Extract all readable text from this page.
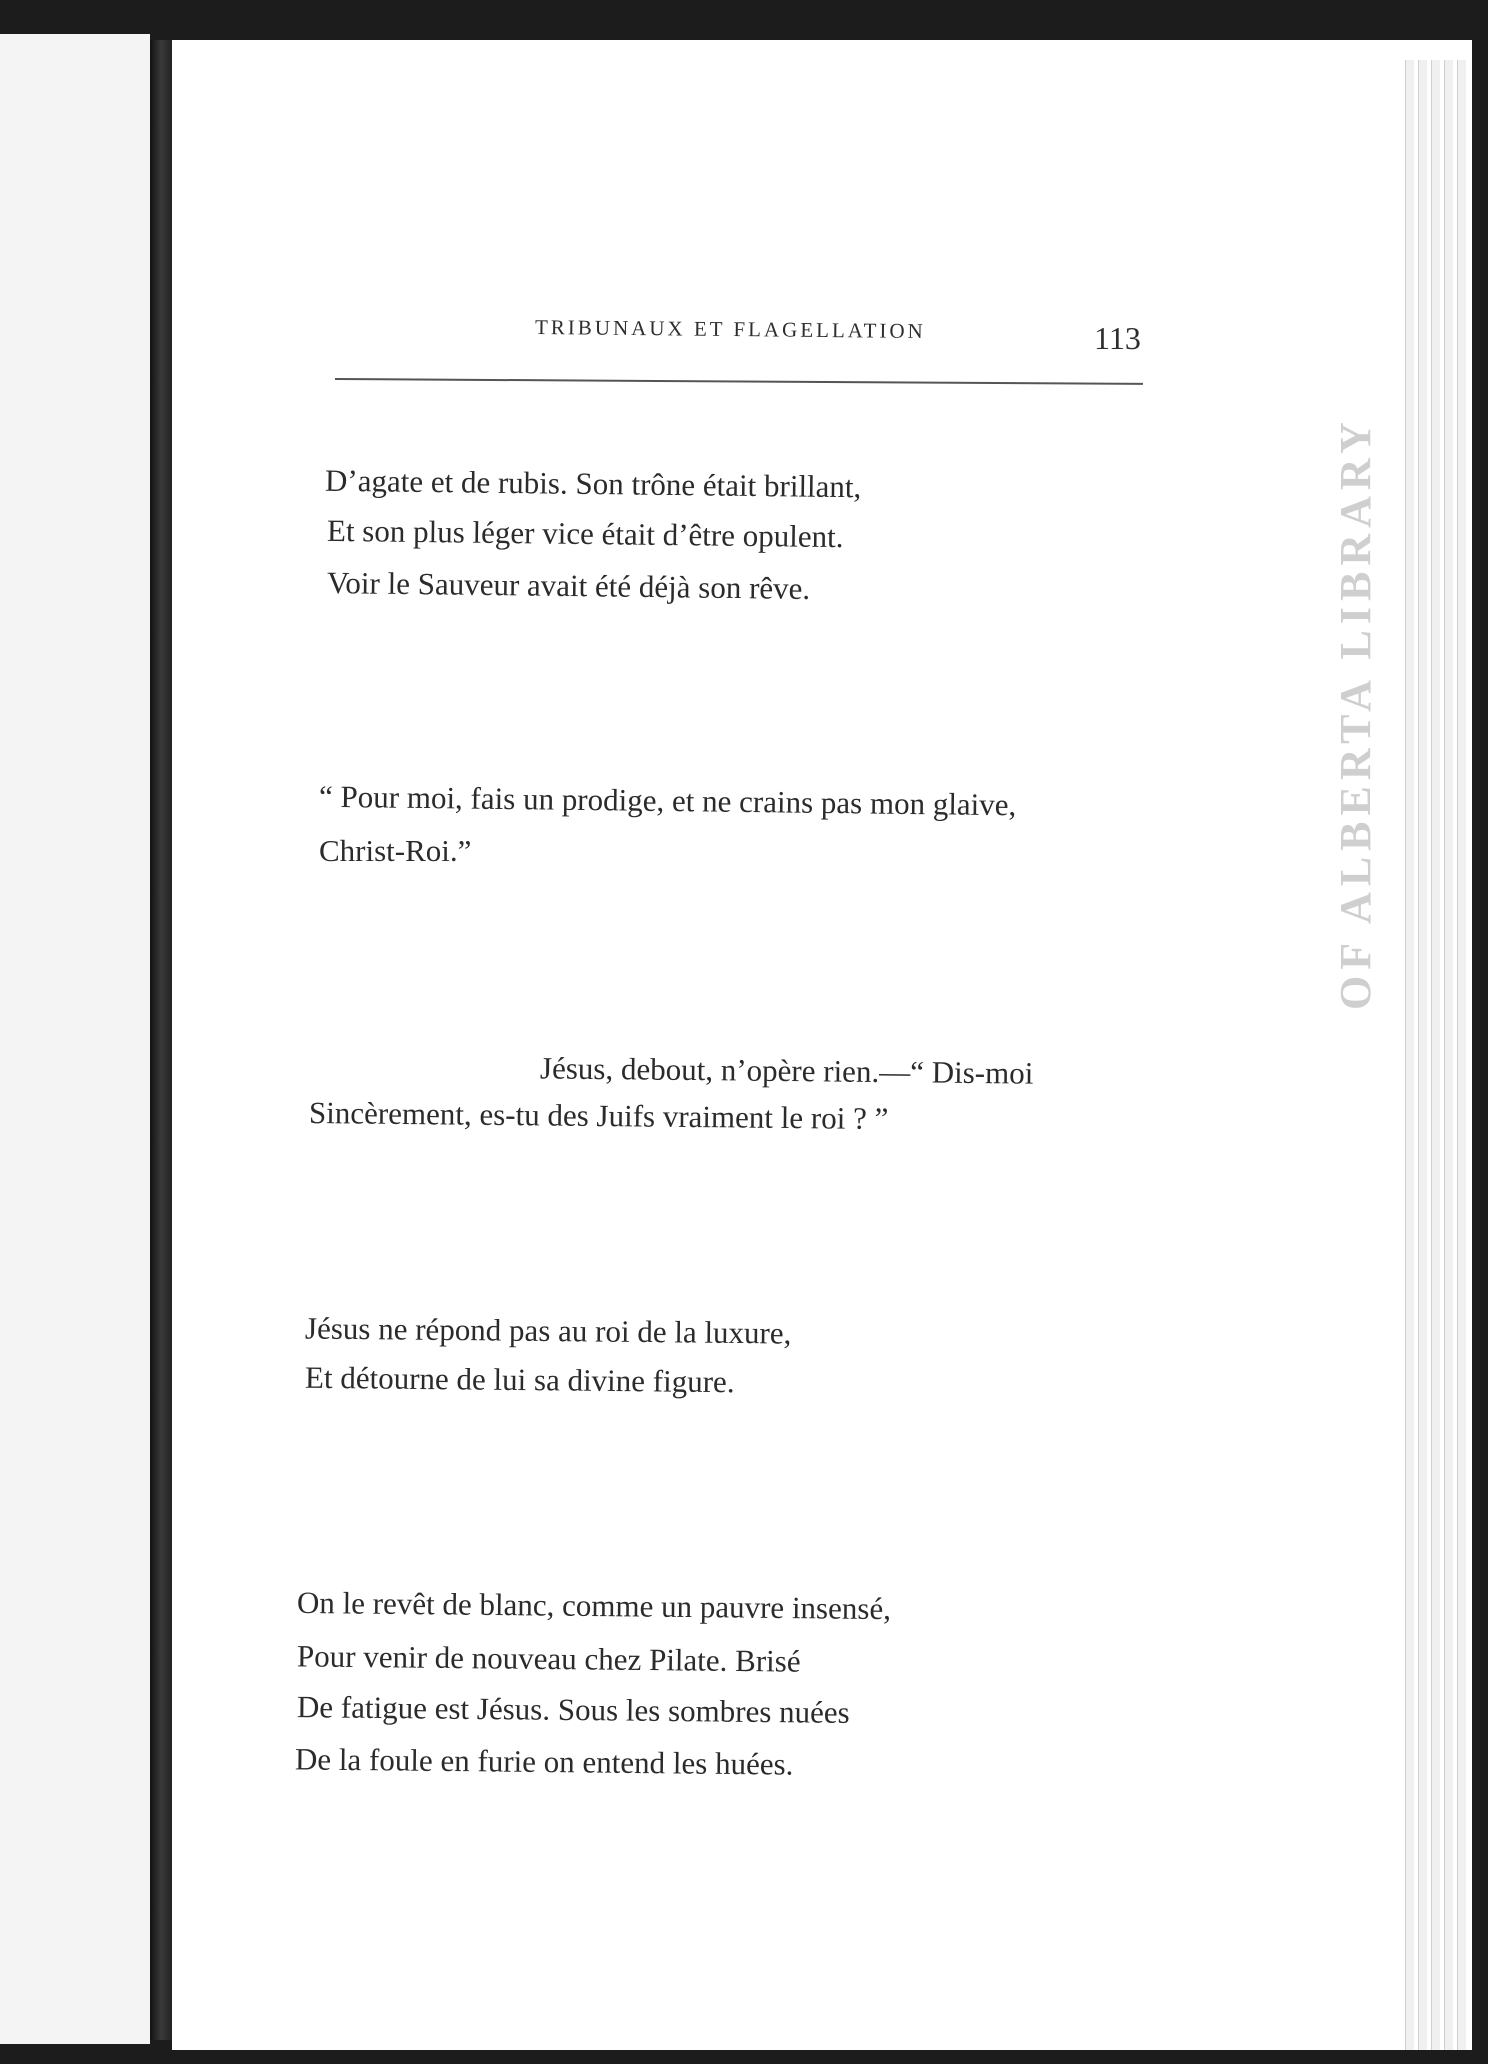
OF ALBERTA LIBRARY
TRIBUNAUX ET FLAGELLATION	113
D’agate et de rubis. Son trône était brillant,
Et son plus léger vice était d’être opulent.
Voir le Sauveur avait été déjà son rêve.
“ Pour moi, fais un prodige, et ne crains pas mon glaive,
Christ-Roi.”
Jésus, debout, n’opère rien.—“ Dis-moi
Sincèrement, es-tu des Juifs vraiment le roi ? ”
Jésus ne répond pas au roi de la luxure,
Et détourne de lui sa divine figure.
On le revêt de blanc, comme un pauvre insensé,
Pour venir de nouveau chez Pilate. Brisé
De fatigue est Jésus. Sous les sombres nuées
De la foule en furie on entend les huées.
